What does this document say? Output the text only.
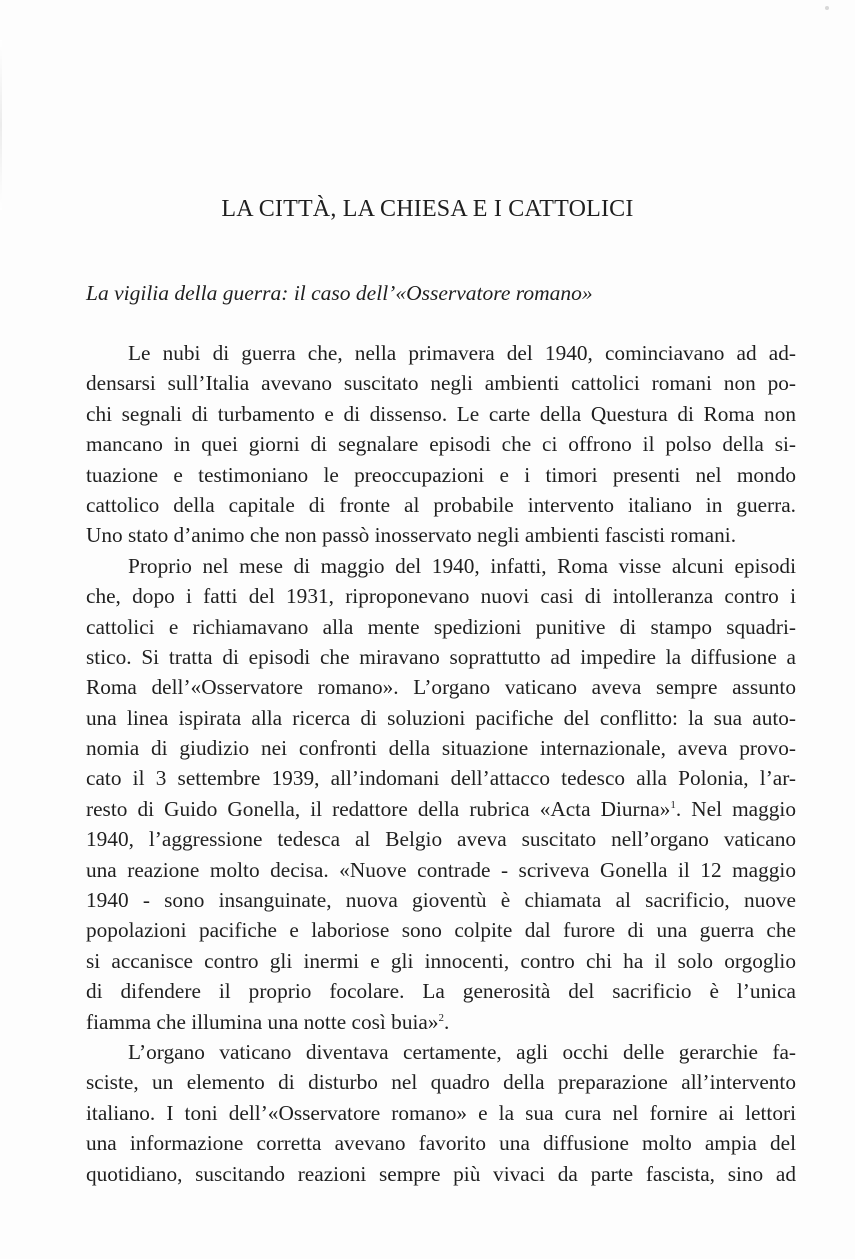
LA CITTÀ, LA CHIESA E I CATTOLICI
La vigilia della guerra: il caso dell’«Osservatore romano»
Le nubi di guerra che, nella primavera del 1940, cominciavano ad ad-
densarsi sull’Italia avevano suscitato negli ambienti cattolici romani non po-
chi segnali di turbamento e di dissenso. Le carte della Questura di Roma non
mancano in quei giorni di segnalare episodi che ci offrono il polso della si-
tuazione e testimoniano le preoccupazioni e i timori presenti nel mondo
cattolico della capitale di fronte al probabile intervento italiano in guerra.
Uno stato d’animo che non passò inosservato negli ambienti fascisti romani.
Proprio nel mese di maggio del 1940, infatti, Roma visse alcuni episodi
che, dopo i fatti del 1931, riproponevano nuovi casi di intolleranza contro i
cattolici e richiamavano alla mente spedizioni punitive di stampo squadri-
stico. Si tratta di episodi che miravano soprattutto ad impedire la diffusione a
Roma dell’«Osservatore romano». L’organo vaticano aveva sempre assunto
una linea ispirata alla ricerca di soluzioni pacifiche del conflitto: la sua auto-
nomia di giudizio nei confronti della situazione internazionale, aveva provo-
cato il 3 settembre 1939, all’indomani dell’attacco tedesco alla Polonia, l’ar-
resto di Guido Gonella, il redattore della rubrica «Acta Diurna»$^1$. Nel maggio
1940, l’aggressione tedesca al Belgio aveva suscitato nell’organo vaticano
una reazione molto decisa. «Nuove contrade - scriveva Gonella il 12 maggio
1940 - sono insanguinate, nuova gioventù è chiamata al sacrificio, nuove
popolazioni pacifiche e laboriose sono colpite dal furore di una guerra che
si accanisce contro gli inermi e gli innocenti, contro chi ha il solo orgoglio
di difendere il proprio focolare. La generosità del sacrificio è l’unica
fiamma che illumina una notte così buia»$^2$.
L’organo vaticano diventava certamente, agli occhi delle gerarchie fa-
sciste, un elemento di disturbo nel quadro della preparazione all’intervento
italiano. I toni dell’«Osservatore romano» e la sua cura nel fornire ai lettori
una informazione corretta avevano favorito una diffusione molto ampia del
quotidiano, suscitando reazioni sempre più vivaci da parte fascista, sino ad
